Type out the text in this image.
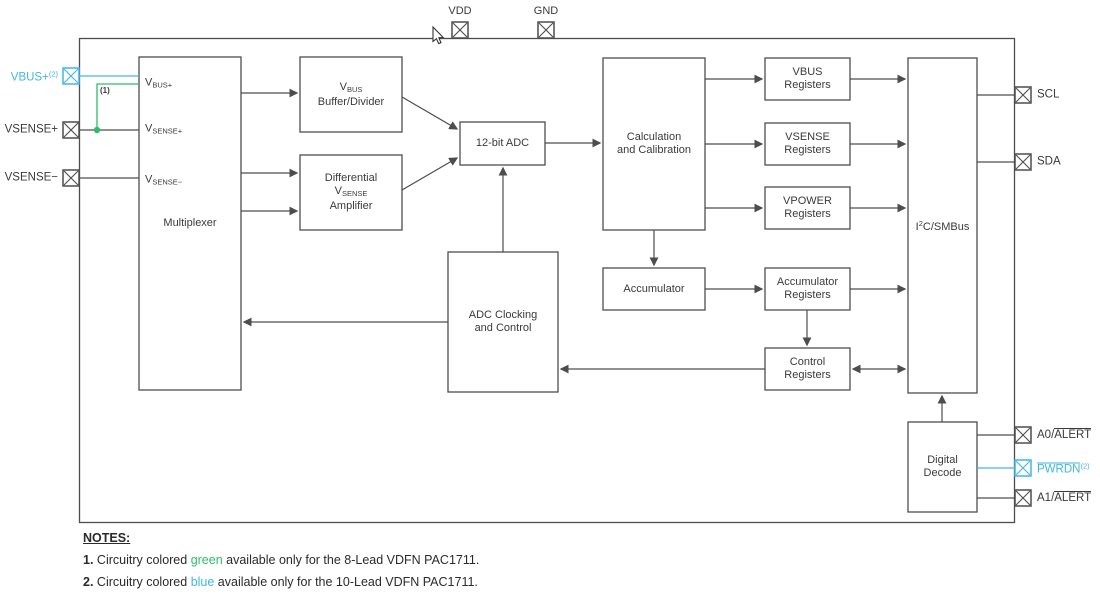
VDD	GND
VBUS+$^{(2)}$
VSENSE+
VSENSE−
(1)
Multiplexer
$V_{BUS+}$
$V_{SENSE+}$
$V_{SENSE-}$
$V_{BUS}$
Buffer/Divider
Differential
$V_{SENSE}$
Amplifier
12-bit ADC	Calculation
and Calibration
ADC Clocking
and Control
Accumulator
VBUS
Registers
VSENSE
Registers
VPOWER
Registers
Accumulator
Registers
Control
Registers
$I^2C$/SMBus
Digital
Decode
SCL
SDA
A0/ALERT
PWRDN$^{(2)}$
A1/ALERT
NOTES:
1. Circuitry colored green available only for the 8-Lead VDFN PAC1711.
2. Circuitry colored blue available only for the 10-Lead VDFN PAC1711.
